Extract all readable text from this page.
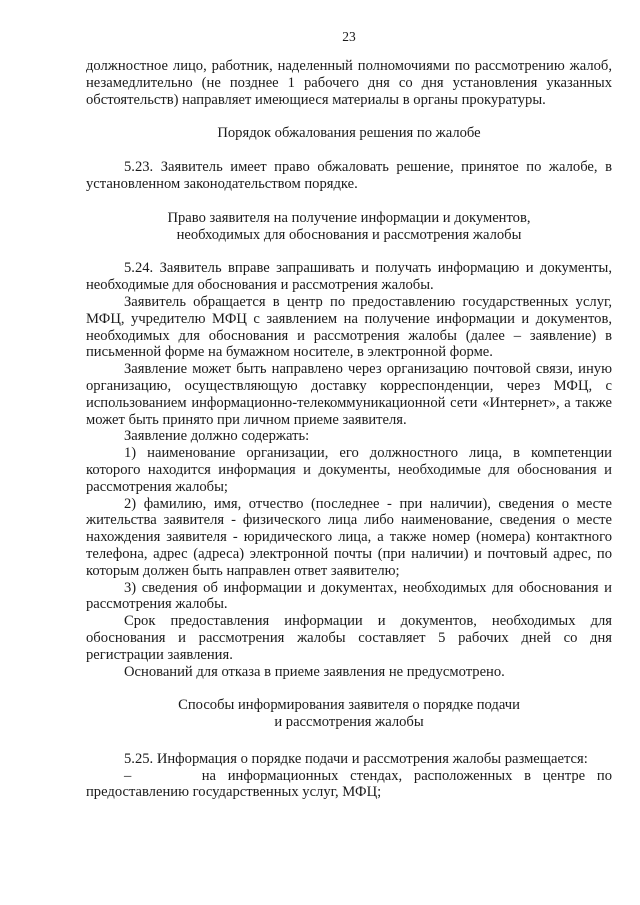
23

должностное лицо, работник, наделенный полномочиями по рассмотрению жалоб, незамедлительно (не позднее 1 рабочего дня со дня установления указанных обстоятельств) направляет имеющиеся материалы в органы прокуратуры.

Порядок обжалования решения по жалобе

5.23. Заявитель имеет право обжаловать решение, принятое по жалобе, в установленном законодательством порядке.

Право заявителя на получение информации и документов,
необходимых для обоснования и рассмотрения жалобы

5.24. Заявитель вправе запрашивать и получать информацию и документы, необходимые для обоснования и рассмотрения жалобы.

Заявитель обращается в центр по предоставлению государственных услуг, МФЦ, учредителю МФЦ с заявлением на получение информации и документов, необходимых для обоснования и рассмотрения жалобы (далее – заявление) в письменной форме на бумажном носителе, в электронной форме.

Заявление может быть направлено через организацию почтовой связи, иную организацию, осуществляющую доставку корреспонденции, через МФЦ, с использованием информационно-телекоммуникационной сети «Интернет», а также может быть принято при личном приеме заявителя.

Заявление должно содержать:

1) наименование организации, его должностного лица, в компетенции которого находится информация и документы, необходимые для обоснования и рассмотрения жалобы;

2) фамилию, имя, отчество (последнее - при наличии), сведения о месте жительства заявителя - физического лица либо наименование, сведения о месте нахождения заявителя - юридического лица, а также номер (номера) контактного телефона, адрес (адреса) электронной почты (при наличии) и почтовый адрес, по которым должен быть направлен ответ заявителю;

3) сведения об информации и документах, необходимых для обоснования и рассмотрения жалобы.

Срок предоставления информации и документов, необходимых для обоснования и рассмотрения жалобы составляет 5 рабочих дней со дня регистрации заявления.

Оснований для отказа в приеме заявления не предусмотрено.

Способы информирования заявителя о порядке подачи
и рассмотрения жалобы

5.25. Информация о порядке подачи и рассмотрения жалобы размещается:

–	на информационных стендах, расположенных в центре по предоставлению государственных услуг, МФЦ;
